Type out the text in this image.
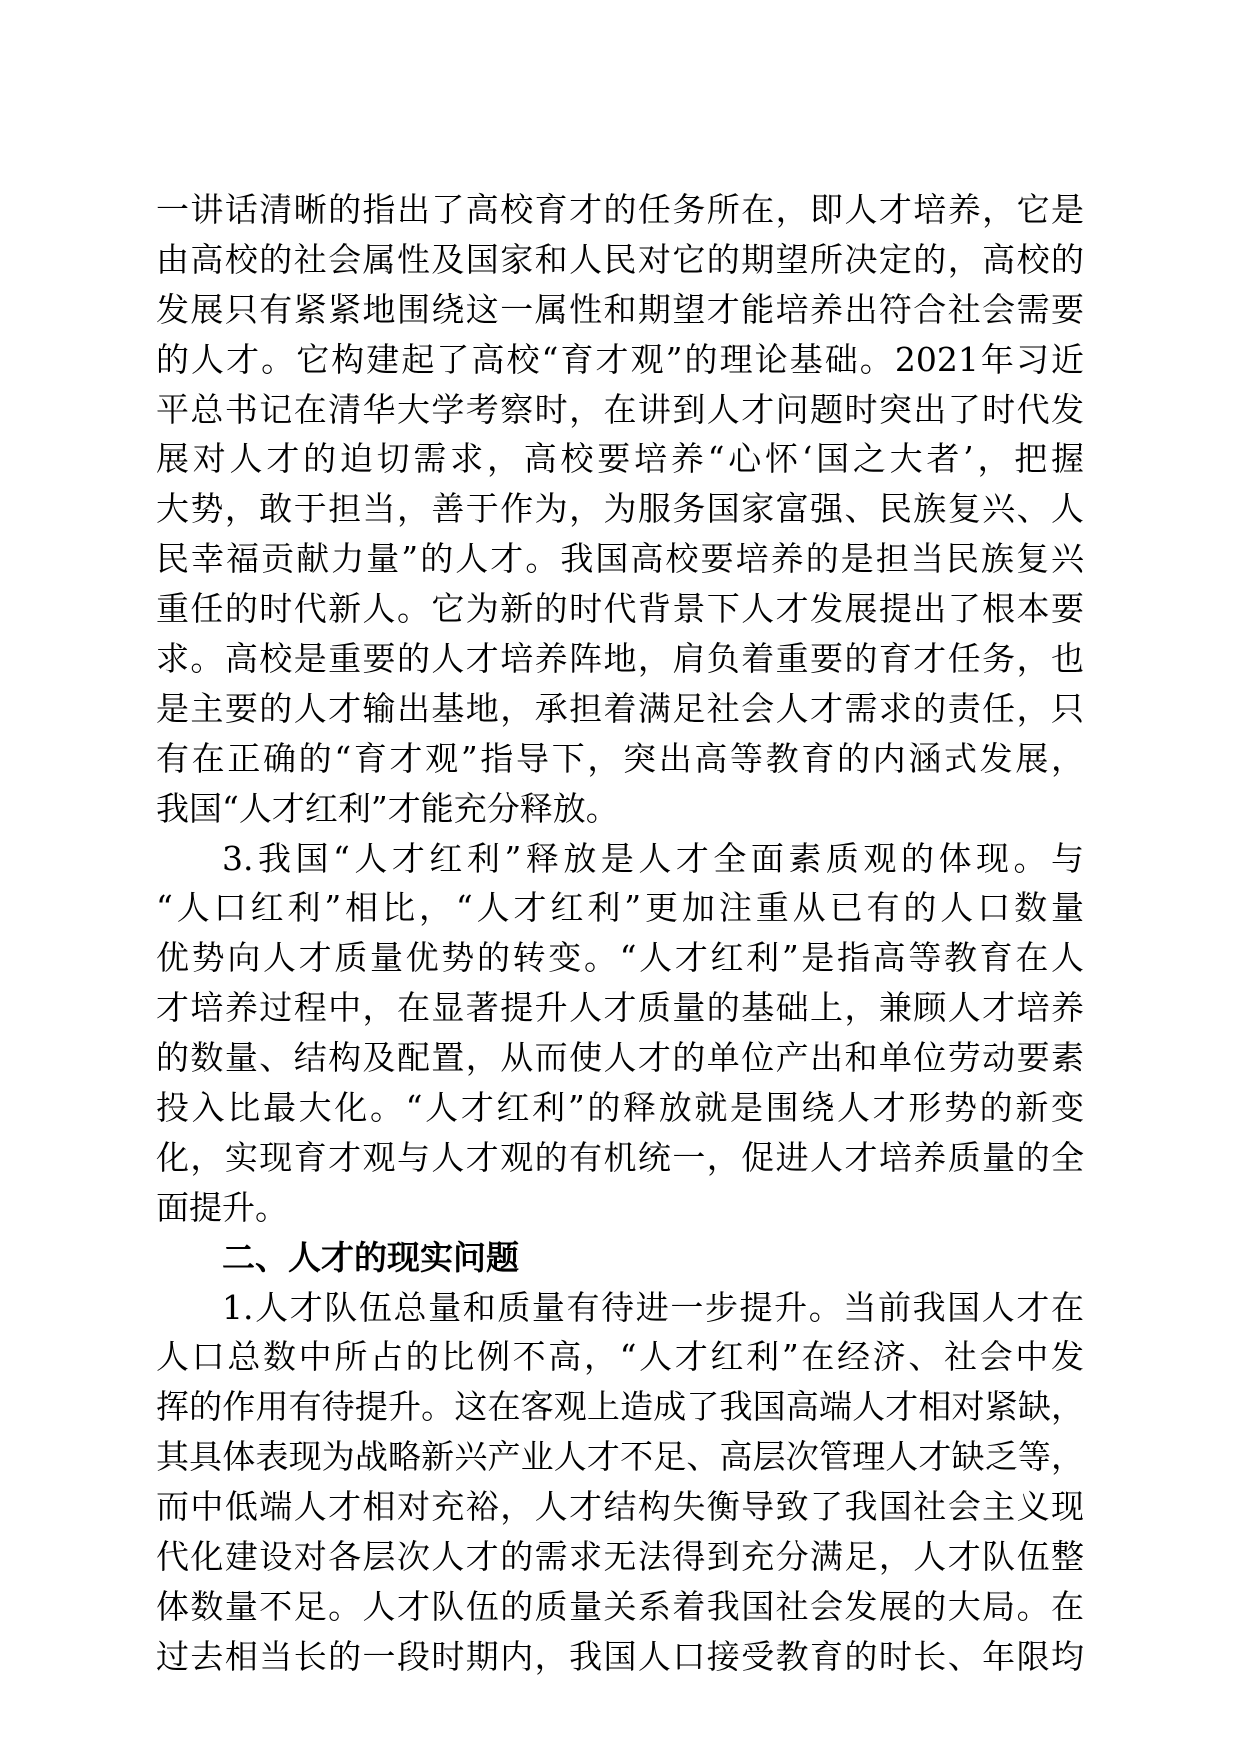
一讲话清晰的指出了高校育才的任务所在，即人才培养，它是
由高校的社会属性及国家和人民对它的期望所决定的，高校的
发展只有紧紧地围绕这一属性和期望才能培养出符合社会需要
的人才。它构建起了高校“育才观”的理论基础。2021年习近
平总书记在清华大学考察时，在讲到人才问题时突出了时代发
展对人才的迫切需求，高校要培养“心怀‘国之大者’，把握
大势，敢于担当，善于作为，为服务国家富强、民族复兴、人
民幸福贡献力量”的人才。我国高校要培养的是担当民族复兴
重任的时代新人。它为新的时代背景下人才发展提出了根本要
求。高校是重要的人才培养阵地，肩负着重要的育才任务，也
是主要的人才输出基地，承担着满足社会人才需求的责任，只
有在正确的“育才观”指导下，突出高等教育的内涵式发展，
我国“人才红利”才能充分释放。
3.我国“人才红利”释放是人才全面素质观的体现。与
“人口红利”相比，“人才红利”更加注重从已有的人口数量
优势向人才质量优势的转变。“人才红利”是指高等教育在人
才培养过程中，在显著提升人才质量的基础上，兼顾人才培养
的数量、结构及配置，从而使人才的单位产出和单位劳动要素
投入比最大化。“人才红利”的释放就是围绕人才形势的新变
化，实现育才观与人才观的有机统一，促进人才培养质量的全
面提升。
二、人才的现实问题
1.人才队伍总量和质量有待进一步提升。当前我国人才在
人口总数中所占的比例不高，“人才红利”在经济、社会中发
挥的作用有待提升。这在客观上造成了我国高端人才相对紧缺，
其具体表现为战略新兴产业人才不足、高层次管理人才缺乏等，
而中低端人才相对充裕，人才结构失衡导致了我国社会主义现
代化建设对各层次人才的需求无法得到充分满足，人才队伍整
体数量不足。人才队伍的质量关系着我国社会发展的大局。在
过去相当长的一段时期内，我国人口接受教育的时长、年限均
